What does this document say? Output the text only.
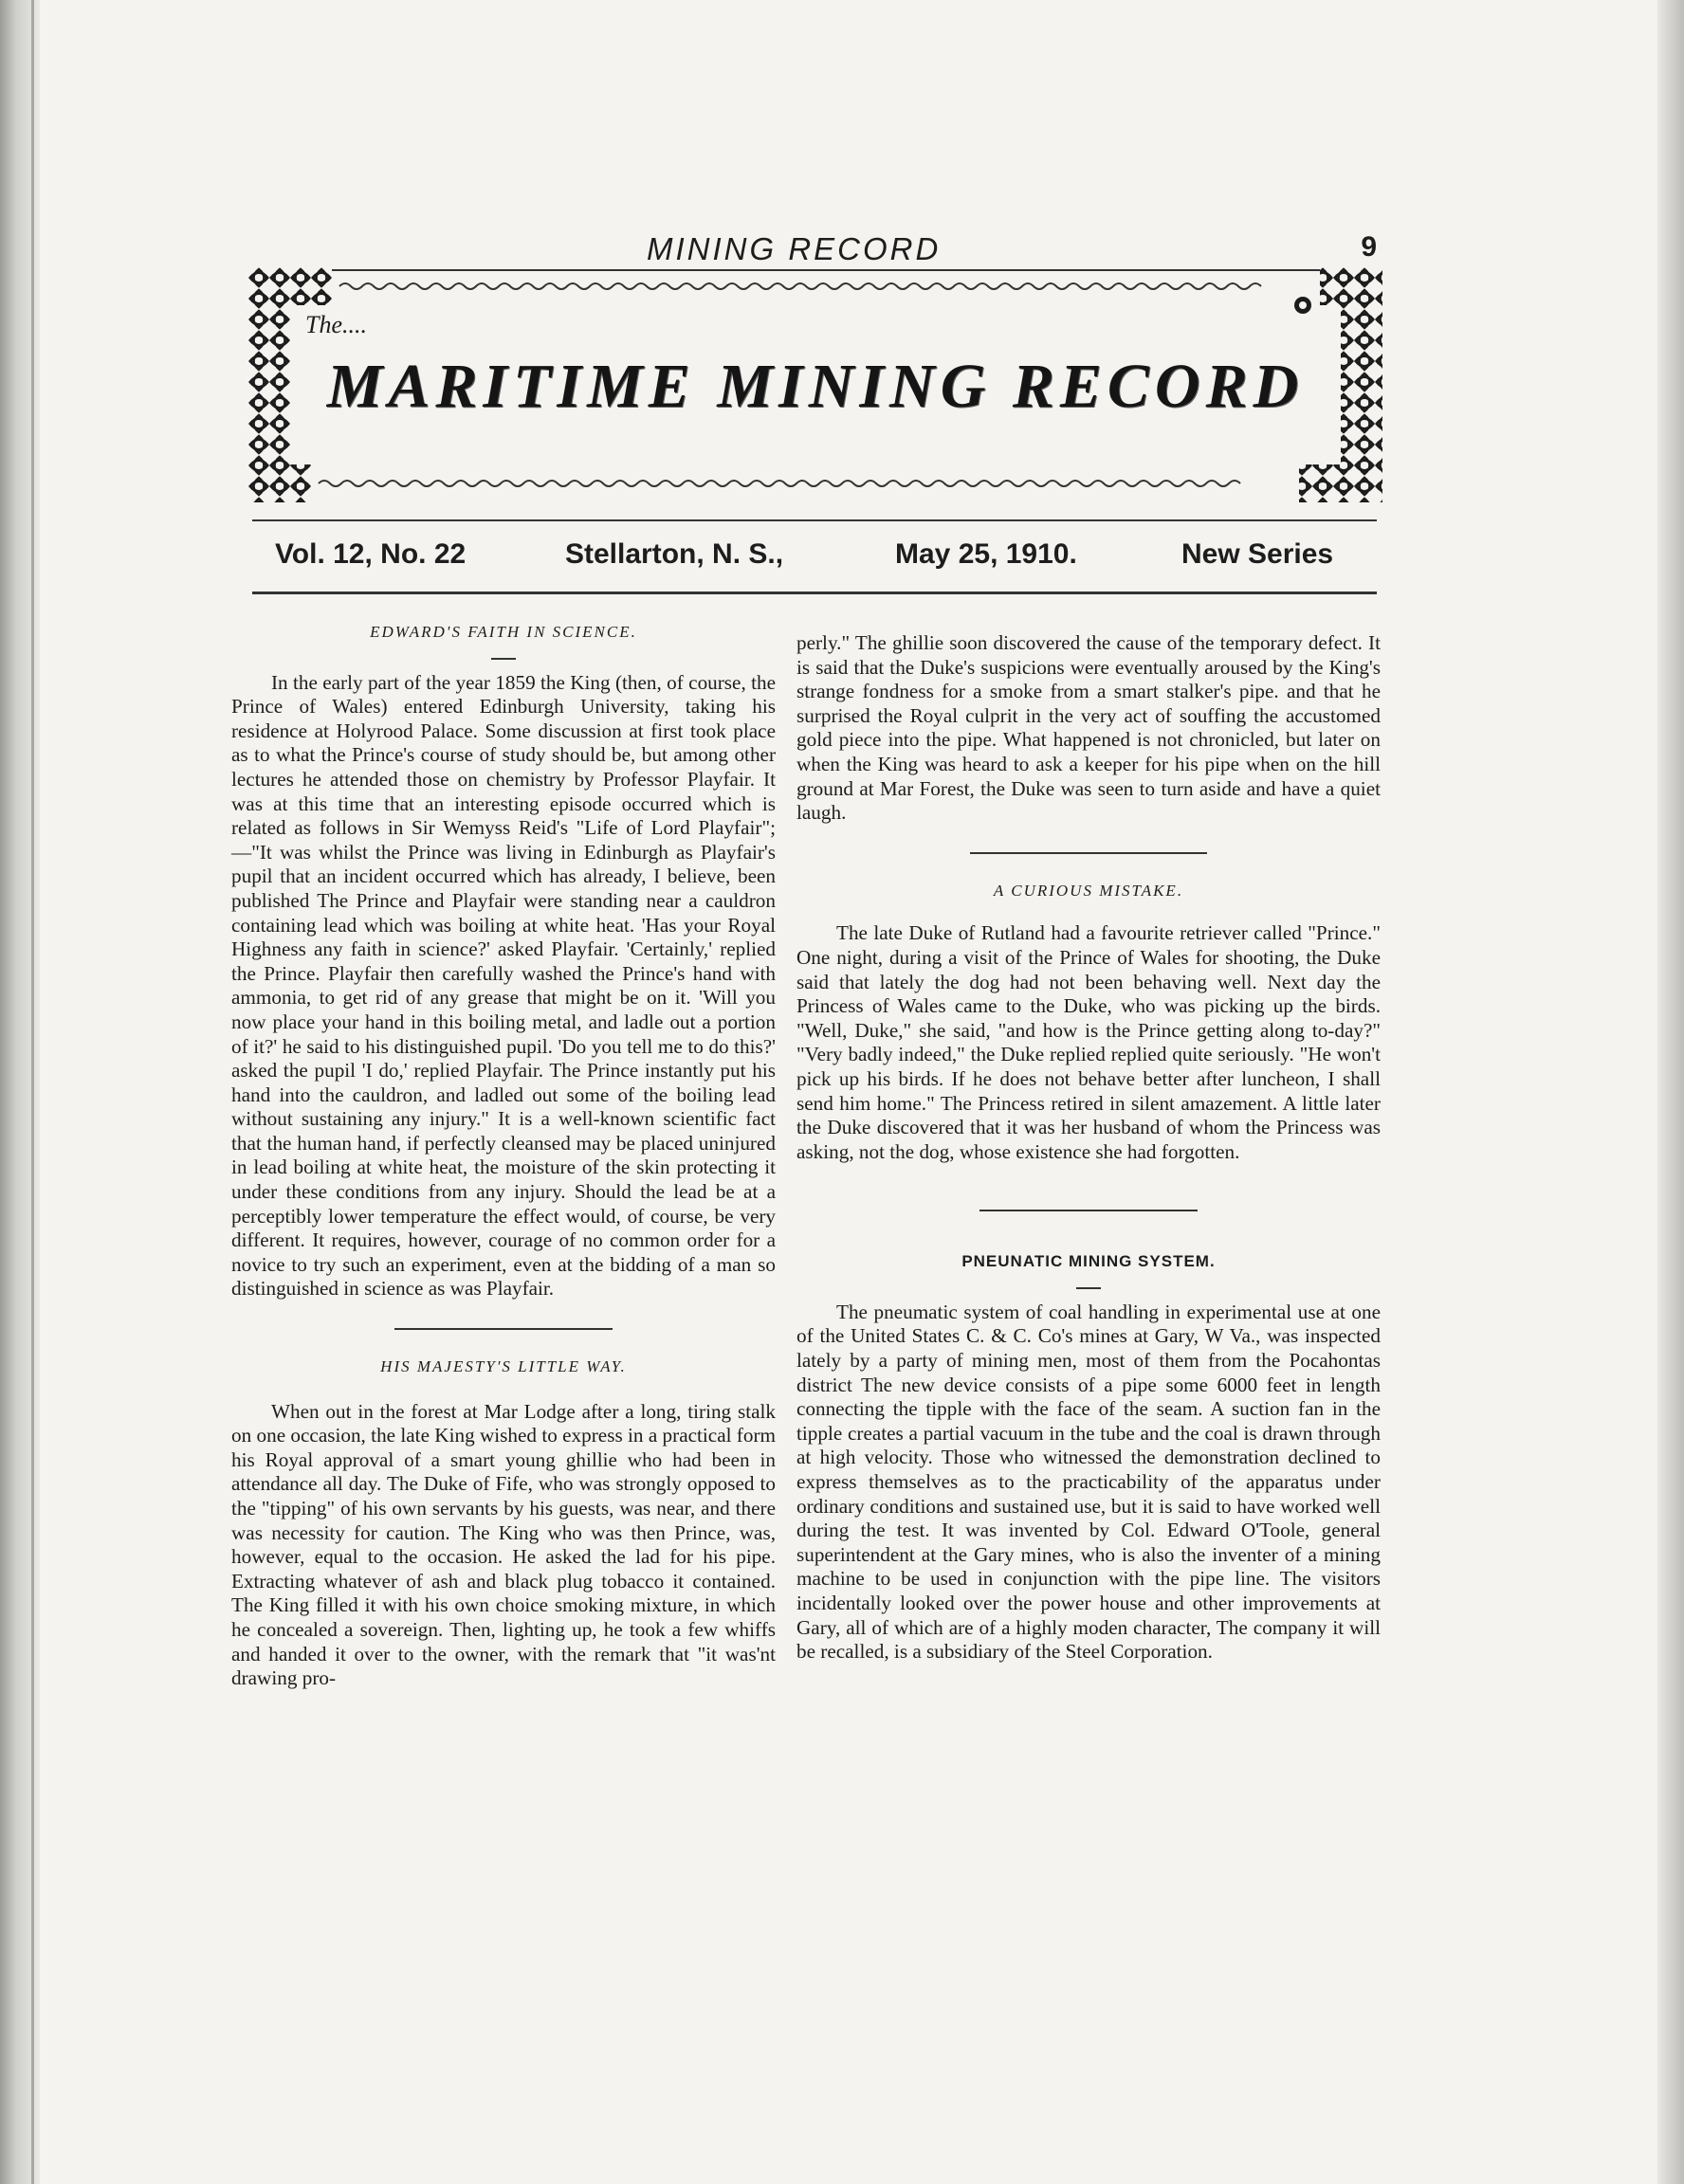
MINING RECORD	9
The....
MARITIME MINING RECORD
Vol. 12, No. 22	Stellarton, N. S.,	May 25, 1910.	New Series
EDWARD'S FAITH IN SCIENCE.

In the early part of the year 1859 the King (then, of course, the Prince of Wales) entered Edinburgh University, taking his residence at Holyrood Palace. Some discussion at first took place as to what the Prince's course of study should be, but among other lectures he attended those on chemistry by Professor Playfair. It was at this time that an interesting episode occurred which is related as follows in Sir Wemyss Reid's "Life of Lord Playfair";—"It was whilst the Prince was living in Edinburgh as Playfair's pupil that an incident occurred which has already, I believe, been published The Prince and Playfair were standing near a cauldron containing lead which was boiling at white heat. 'Has your Royal Highness any faith in science?' asked Playfair. 'Certainly,' replied the Prince. Playfair then carefully washed the Prince's hand with ammonia, to get rid of any grease that might be on it. 'Will you now place your hand in this boiling metal, and ladle out a portion of it?' he said to his distinguished pupil. 'Do you tell me to do this?' asked the pupil 'I do,' replied Playfair. The Prince instantly put his hand into the cauldron, and ladled out some of the boiling lead without sustaining any injury." It is a well-known scientific fact that the human hand, if perfectly cleansed may be placed uninjured in lead boiling at white heat, the moisture of the skin protecting it under these conditions from any injury. Should the lead be at a perceptibly lower temperature the effect would, of course, be very different. It requires, however, courage of no common order for a novice to try such an experiment, even at the bidding of a man so distinguished in science as was Playfair.

HIS MAJESTY'S LITTLE WAY.

When out in the forest at Mar Lodge after a long, tiring stalk on one occasion, the late King wished to express in a practical form his Royal approval of a smart young ghillie who had been in attendance all day. The Duke of Fife, who was strongly opposed to the "tipping" of his own servants by his guests, was near, and there was necessity for caution. The King who was then Prince, was, however, equal to the occasion. He asked the lad for his pipe. Extracting whatever of ash and black plug tobacco it contained. The King filled it with his own choice smoking mixture, in which he concealed a sovereign. Then, lighting up, he took a few whiffs and handed it over to the owner, with the remark that "it was'nt drawing pro-

perly." The ghillie soon discovered the cause of the temporary defect. It is said that the Duke's suspicions were eventually aroused by the King's strange fondness for a smoke from a smart stalker's pipe. and that he surprised the Royal culprit in the very act of souffing the accustomed gold piece into the pipe. What happened is not chronicled, but later on when the King was heard to ask a keeper for his pipe when on the hill ground at Mar Forest, the Duke was seen to turn aside and have a quiet laugh.

A CURIOUS MISTAKE.

The late Duke of Rutland had a favourite retriever called "Prince." One night, during a visit of the Prince of Wales for shooting, the Duke said that lately the dog had not been behaving well. Next day the Princess of Wales came to the Duke, who was picking up the birds. "Well, Duke," she said, "and how is the Prince getting along to-day?" "Very badly indeed," the Duke replied replied quite seriously. "He won't pick up his birds. If he does not behave better after luncheon, I shall send him home." The Princess retired in silent amazement. A little later the Duke discovered that it was her husband of whom the Princess was asking, not the dog, whose existence she had forgotten.

PNEUNATIC MINING SYSTEM.

The pneumatic system of coal handling in experimental use at one of the United States C. & C. Co's mines at Gary, W Va., was inspected lately by a party of mining men, most of them from the Pocahontas district The new device consists of a pipe some 6000 feet in length connecting the tipple with the face of the seam. A suction fan in the tipple creates a partial vacuum in the tube and the coal is drawn through at high velocity. Those who witnessed the demonstration declined to express themselves as to the practicability of the apparatus under ordinary conditions and sustained use, but it is said to have worked well during the test. It was invented by Col. Edward O'Toole, general superintendent at the Gary mines, who is also the inventer of a mining machine to be used in conjunction with the pipe line. The visitors incidentally looked over the power house and other improvements at Gary, all of which are of a highly moden character, The company it will be recalled, is a subsidiary of the Steel Corporation.
